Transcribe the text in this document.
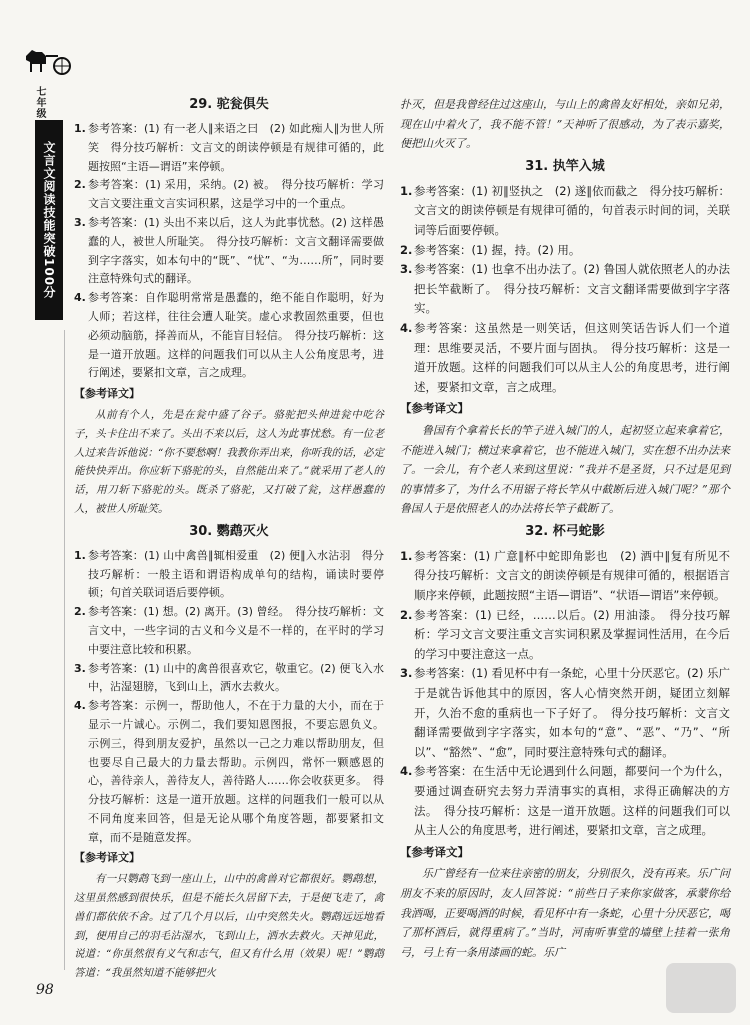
七年级
文言文阅读技能突破100分
98
29. 驼瓮俱失
1. 参考答案：(1) 有一老人∥来语之曰　(2) 如此痴人∥为世人所笑　得分技巧解析：文言文的朗读停顿是有规律可循的，此题按照“主语—谓语”来停顿。
2. 参考答案：(1) 采用，采纳。(2) 被。　得分技巧解析：学习文言文要注重文言实词积累，这是学习中的一个重点。
3. 参考答案：(1) 头出不来以后，这人为此事忧愁。(2) 这样愚蠢的人，被世人所耻笑。　得分技巧解析：文言文翻译需要做到字字落实，如本句中的“既”、“忧”、“为……所”，同时要注意特殊句式的翻译。
4. 参考答案：自作聪明常常是愚蠢的，绝不能自作聪明，好为人师；若这样，往往会遭人耻笑。虚心求教固然重要，但也必须动脑筋，择善而从，不能盲目轻信。　得分技巧解析：这是一道开放题。这样的问题我们可以从主人公角度思考，进行阐述，要紧扣文章，言之成理。
【参考译文】

从前有个人，先是在瓮中盛了谷子。骆驼把头伸进瓮中吃谷子，头卡住出不来了。头出不来以后，这人为此事忧愁。有一位老人过来告诉他说：“你不要愁啊！我教你弄出来，你听我的话，必定能快快弄出。你应斩下骆驼的头，自然能出来了。”就采用了老人的话，用刀斩下骆驼的头。既杀了骆驼，又打破了瓮，这样愚蠢的人，被世人所耻笑。

30. 鹦鹉灭火
1. 参考答案：(1) 山中禽兽∥辄相爱重　(2) 便∥入水沾羽　得分技巧解析：一般主语和谓语构成单句的结构，诵读时要停顿；句首关联词语后要停顿。
2. 参考答案：(1) 想。(2) 离开。(3) 曾经。　得分技巧解析：文言文中，一些字词的古义和今义是不一样的，在平时的学习中要注意比较和积累。
3. 参考答案：(1) 山中的禽兽很喜欢它，敬重它。(2) 便飞入水中，沾湿翅膀，飞到山上，洒水去救火。
4. 参考答案：示例一，帮助他人，不在于力量的大小，而在于显示一片诚心。示例二，我们要知恩图报，不要忘恩负义。示例三，得到朋友爱护，虽然以一己之力难以帮助朋友，但也要尽自己最大的力量去帮助。示例四，常怀一颗感恩的心，善待亲人，善待友人，善待路人……你会收获更多。　得分技巧解析：这是一道开放题。这样的问题我们一般可以从不同角度来回答，但是无论从哪个角度答题，都要紧扣文章，而不是随意发挥。
【参考译文】

有一只鹦鹉飞到一座山上，山中的禽兽对它都很好。鹦鹉想，这里虽然感到很快乐，但是不能长久居留下去，于是便飞走了，禽兽们都依依不舍。过了几个月以后，山中突然失火。鹦鹉远远地看到，便用自己的羽毛沾湿水，飞到山上，洒水去救火。天神见此，说道：“你虽然很有义气和志气，但又有什么用（效果）呢！”鹦鹉答道：“我虽然知道不能够把火

扑灭，但是我曾经住过这座山，与山上的禽兽友好相处，亲如兄弟，现在山中着火了，我不能不管！”天神听了很感动，为了表示嘉奖，便把山火灭了。

31. 执竿入城
1. 参考答案：(1) 初∥竖执之　(2) 遂∥依而截之　得分技巧解析：文言文的朗读停顿是有规律可循的，句首表示时间的词，关联词等后面要停顿。
2. 参考答案：(1) 握，持。(2) 用。
3. 参考答案：(1) 也拿不出办法了。(2) 鲁国人就依照老人的办法把长竿截断了。　得分技巧解析：文言文翻译需要做到字字落实。
4. 参考答案：这虽然是一则笑话，但这则笑话告诉人们一个道理：思维要灵活，不要片面与固执。　得分技巧解析：这是一道开放题。这样的问题我们可以从主人公的角度思考，进行阐述，要紧扣文章，言之成理。
【参考译文】

鲁国有个拿着长长的竿子进入城门的人，起初竖立起来拿着它，不能进入城门；横过来拿着它，也不能进入城门，实在想不出办法来了。一会儿，有个老人来到这里说：“我并不是圣贤，只不过是见到的事情多了，为什么不用锯子将长竿从中截断后进入城门呢？”那个鲁国人于是依照老人的办法将长竿子截断了。

32. 杯弓蛇影
1. 参考答案：(1) 广意∥杯中蛇即角影也　(2) 酒中∥复有所见不　得分技巧解析：文言文的朗读停顿是有规律可循的，根据语言顺序来停顿，此题按照“主语—谓语”、“状语—谓语”来停顿。
2. 参考答案：(1) 已经，……以后。(2) 用油漆。　得分技巧解析：学习文言文要注重文言实词积累及掌握词性活用，在今后的学习中要注意这一点。
3. 参考答案：(1) 看见杯中有一条蛇，心里十分厌恶它。(2) 乐广于是就告诉他其中的原因，客人心情突然开朗，疑团立刻解开，久治不愈的重病也一下子好了。　得分技巧解析：文言文翻译需要做到字字落实，如本句的“意”、“恶”、“乃”、“所以”、“豁然”、“愈”，同时要注意特殊句式的翻译。
4. 参考答案：在生活中无论遇到什么问题，都要问一个为什么，要通过调查研究去努力弄清事实的真相，求得正确解决的方法。　得分技巧解析：这是一道开放题。这样的问题我们可以从主人公的角度思考，进行阐述，要紧扣文章，言之成理。
【参考译文】

乐广曾经有一位来往亲密的朋友，分别很久，没有再来。乐广问朋友不来的原因时，友人回答说：“前些日子来你家做客，承蒙你给我酒喝，正要喝酒的时候，看见杯中有一条蛇，心里十分厌恶它，喝了那杯酒后，就得重病了。”当时，河南听事堂的墙壁上挂着一张角弓，弓上有一条用漆画的蛇。乐广
